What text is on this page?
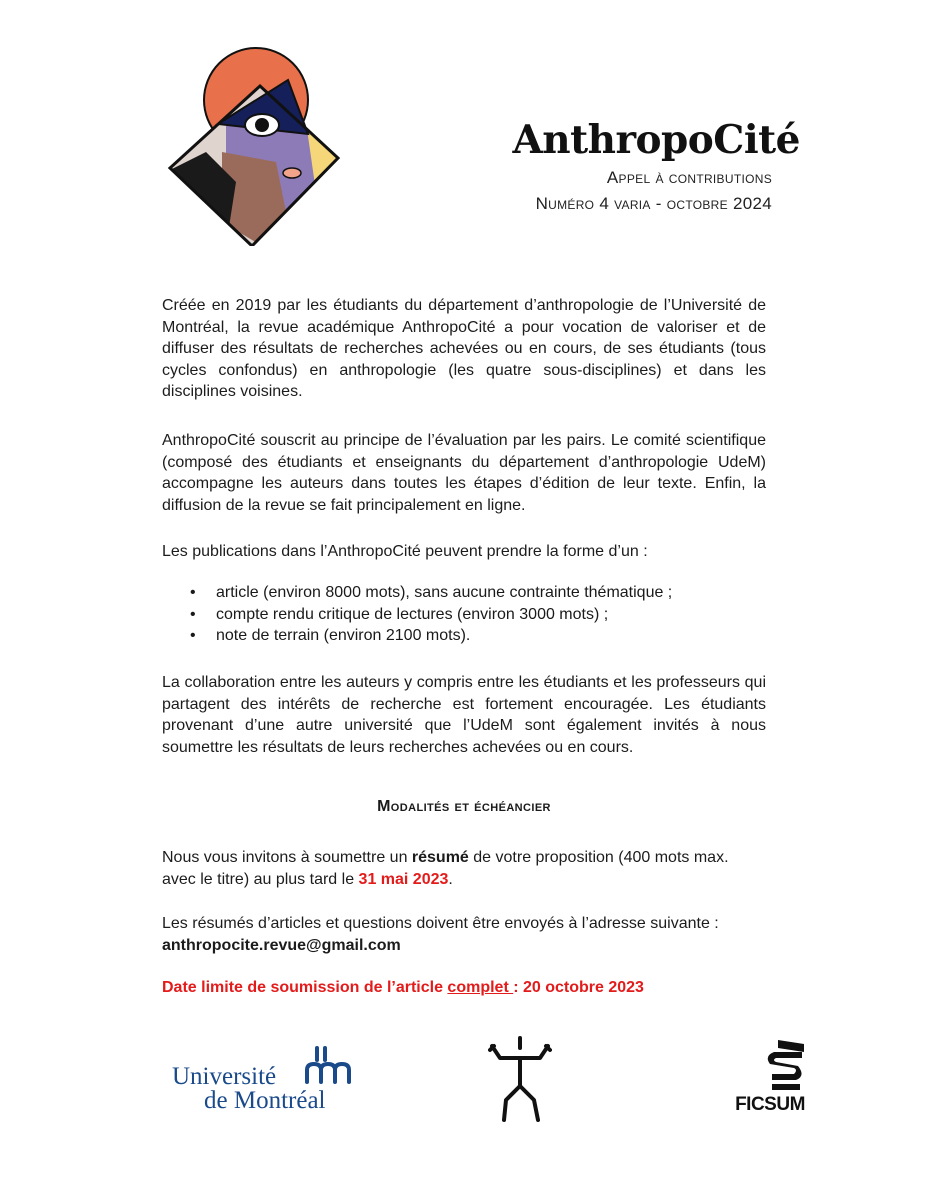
AnthropoCité
Appel à contributions
Numéro 4 varia - octobre 2024

Créée en 2019 par les étudiants du département d’anthropologie de l’Université de Montréal, la revue académique AnthropoCité a pour vocation de valoriser et de diffuser des résultats de recherches achevées ou en cours, de ses étudiants (tous cycles confondus) en anthropologie (les quatre sous-disciplines) et dans les disciplines voisines.

AnthropoCité souscrit au principe de l’évaluation par les pairs. Le comité scientifique (composé des étudiants et enseignants du département d’anthropologie UdeM) accompagne les auteurs dans toutes les étapes d’édition de leur texte. Enfin, la diffusion de la revue se fait principalement en ligne.

Les publications dans l’AnthropoCité peuvent prendre la forme d’un :

• article (environ 8000 mots), sans aucune contrainte thématique ;
• compte rendu critique de lectures (environ 3000 mots) ;
• note de terrain (environ 2100 mots).

La collaboration entre les auteurs y compris entre les étudiants et les professeurs qui partagent des intérêts de recherche est fortement encouragée. Les étudiants provenant d’une autre université que l’UdeM sont également invités à nous soumettre les résultats de leurs recherches achevées ou en cours.

Modalités et échéancier

Nous vous invitons à soumettre un résumé de votre proposition (400 mots max. avec le titre) au plus tard le 31 mai 2023.

Les résumés d’articles et questions doivent être envoyés à l’adresse suivante :
anthropocite.revue@gmail.com

Date limite de soumission de l’article complet : 20 octobre 2023
Université
de Montréal	FICSUM
